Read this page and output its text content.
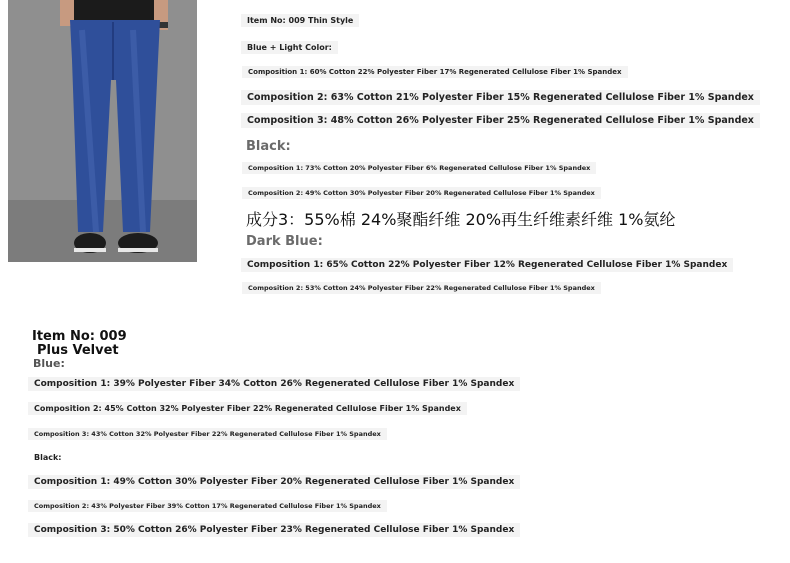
Item No: 009 Thin Style
Blue + Light Color:
Composition 1: 60% Cotton 22% Polyester Fiber 17% Regenerated Cellulose Fiber 1% Spandex
Composition 2: 63% Cotton 21% Polyester Fiber 15% Regenerated Cellulose Fiber 1% Spandex
Composition 3: 48% Cotton 26% Polyester Fiber 25% Regenerated Cellulose Fiber 1% Spandex
Black:
Composition 1: 73% Cotton 20% Polyester Fiber 6% Regenerated Cellulose Fiber 1% Spandex
Composition 2: 49% Cotton 30% Polyester Fiber 20% Regenerated Cellulose Fiber 1% Spandex
成分3：55%棉 24%聚酯纤维 20%再生纤维素纤维 1%氨纶
Dark Blue:
Composition 1: 65% Cotton 22% Polyester Fiber 12% Regenerated Cellulose Fiber 1% Spandex
Composition 2: 53% Cotton 24% Polyester Fiber 22% Regenerated Cellulose Fiber 1% Spandex
Item No: 009
Plus Velvet
Blue:
Composition 1: 39% Polyester Fiber 34% Cotton 26% Regenerated Cellulose Fiber 1% Spandex
Composition 2: 45% Cotton 32% Polyester Fiber 22% Regenerated Cellulose Fiber 1% Spandex
Composition 3: 43% Cotton 32% Polyester Fiber 22% Regenerated Cellulose Fiber 1% Spandex
Black:
Composition 1: 49% Cotton 30% Polyester Fiber 20% Regenerated Cellulose Fiber 1% Spandex
Composition 2: 43% Polyester Fiber 39% Cotton 17% Regenerated Cellulose Fiber 1% Spandex
Composition 3: 50% Cotton 26% Polyester Fiber 23% Regenerated Cellulose Fiber 1% Spandex
